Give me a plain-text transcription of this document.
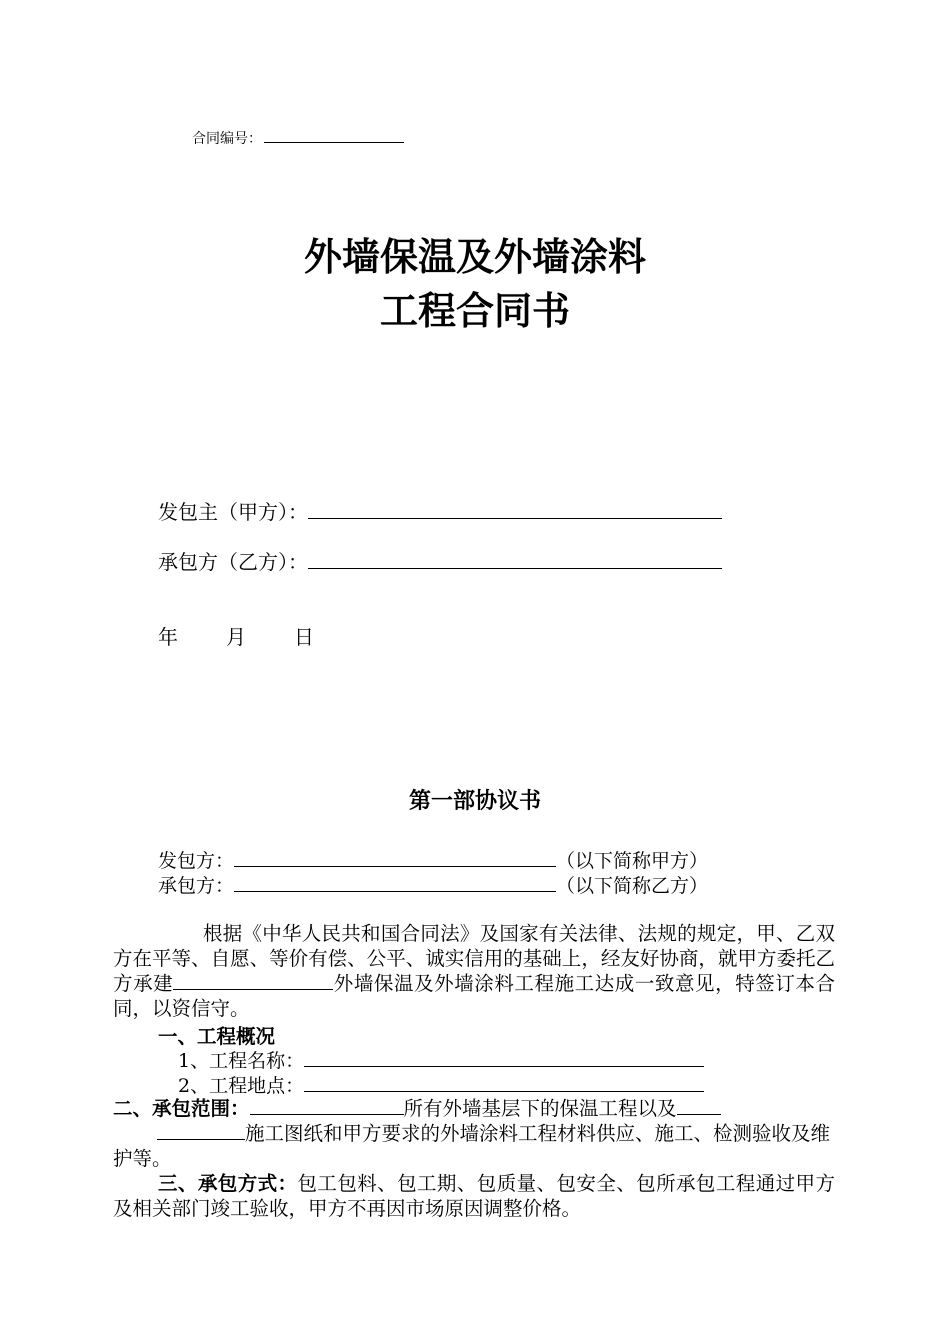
合同编号：
外墙保温及外墙涂料
工程合同书
发包主（甲方）：
承包方（乙方）：
年 月 日
第一部协议书
发包方：	（以下简称甲方）
承包方：	（以下简称乙方）
根据《中华人民共和国合同法》及国家有关法律、法规的规定，甲、乙双方在平等、自愿、等价有偿、公平、诚实信用的基础上，经友好协商，就甲方委托乙方承建	外墙保温及外墙涂料工程施工达成一致意见，特签订本合同，以资信守。
一、工程概况
1、工程名称：
2、工程地点：
二、承包范围：	所有外墙基层下的保温工程以及
施工图纸和甲方要求的外墙涂料工程材料供应、施工、检测验收及维护等。
三、承包方式：包工包料、包工期、包质量、包安全、包所承包工程通过甲方及相关部门竣工验收，甲方不再因市场原因调整价格。
